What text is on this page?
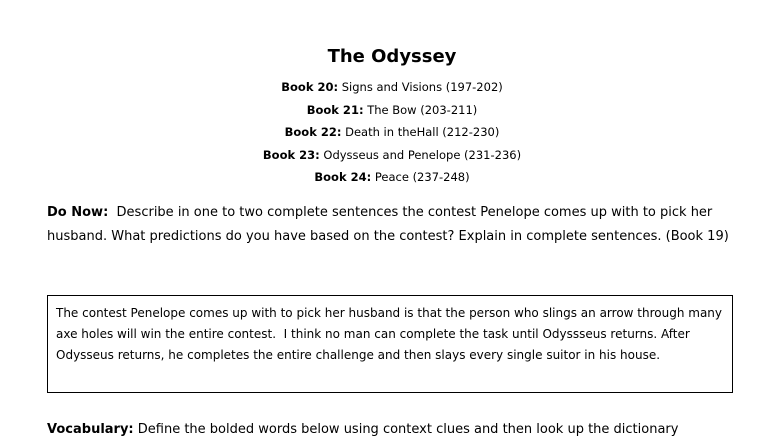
The Odyssey
Book 20: Signs and Visions (197-202)
Book 21: The Bow (203-211)
Book 22: Death in theHall (212-230)
Book 23: Odysseus and Penelope (231-236)
Book 24: Peace (237-248)
Do Now:  Describe in one to two complete sentences the contest Penelope comes up with to pick her husband. What predictions do you have based on the contest? Explain in complete sentences. (Book 19)
The contest Penelope comes up with to pick her husband is that the person who slings an arrow through many axe holes will win the entire contest.  I think no man can complete the task until Odyssseus returns. After Odysseus returns, he completes the entire challenge and then slays every single suitor in his house.
Vocabulary: Define the bolded words below using context clues and then look up the dictionary
